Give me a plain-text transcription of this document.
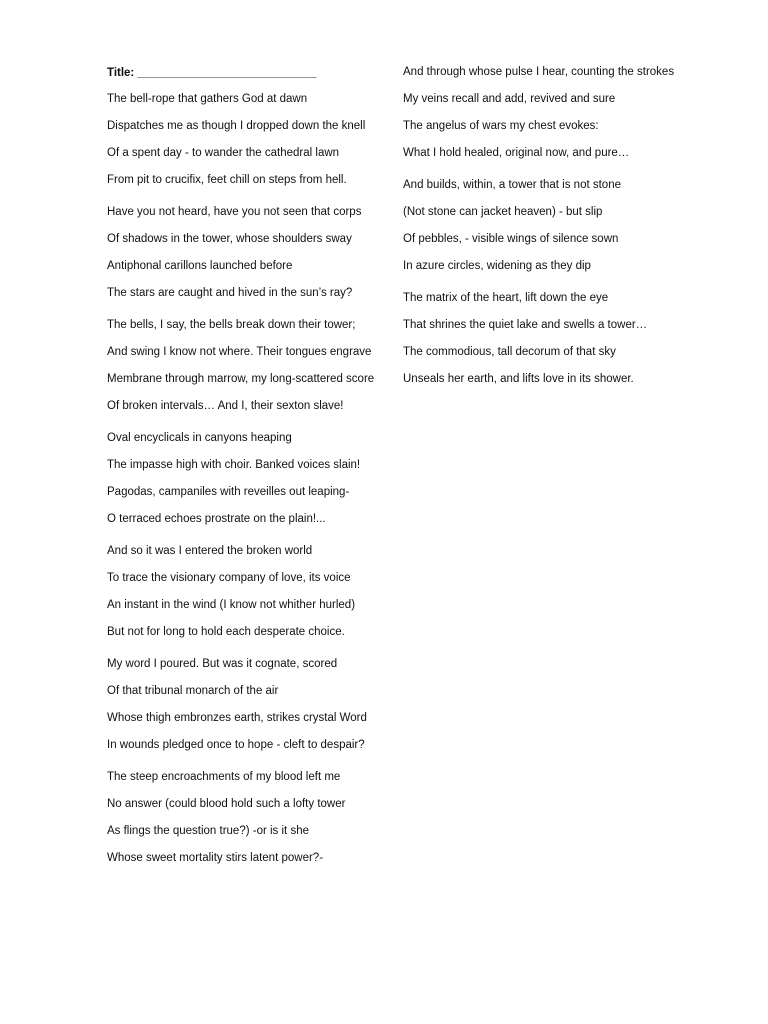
Title: ____________________________
The bell-rope that gathers God at dawn
Dispatches me as though I dropped down the knell
Of a spent day - to wander the cathedral lawn
From pit to crucifix, feet chill on steps from hell.
Have you not heard, have you not seen that corps
Of shadows in the tower, whose shoulders sway
Antiphonal carillons launched before
The stars are caught and hived in the sun’s ray?
The bells, I say, the bells break down their tower;
And swing I know not where. Their tongues engrave
Membrane through marrow, my long-scattered score
Of broken intervals… And I, their sexton slave!
Oval encyclicals in canyons heaping
The impasse high with choir. Banked voices slain!
Pagodas, campaniles with reveilles out leaping-
O terraced echoes prostrate on the plain!...
And so it was I entered the broken world
To trace the visionary company of love, its voice
An instant in the wind (I know not whither hurled)
But not for long to hold each desperate choice.
My word I poured. But was it cognate, scored
Of that tribunal monarch of the air
Whose thigh embronzes earth, strikes crystal Word
In wounds pledged once to hope - cleft to despair?
The steep encroachments of my blood left me
No answer (could blood hold such a lofty tower
As flings the question true?) -or is it she
Whose sweet mortality stirs latent power?-
And through whose pulse I hear, counting the strokes
My veins recall and add, revived and sure
The angelus of wars my chest evokes:
What I hold healed, original now, and pure…
And builds, within, a tower that is not stone
(Not stone can jacket heaven) - but slip
Of pebbles, - visible wings of silence sown
In azure circles, widening as they dip
The matrix of the heart, lift down the eye
That shrines the quiet lake and swells a tower…
The commodious, tall decorum of that sky
Unseals her earth, and lifts love in its shower.
